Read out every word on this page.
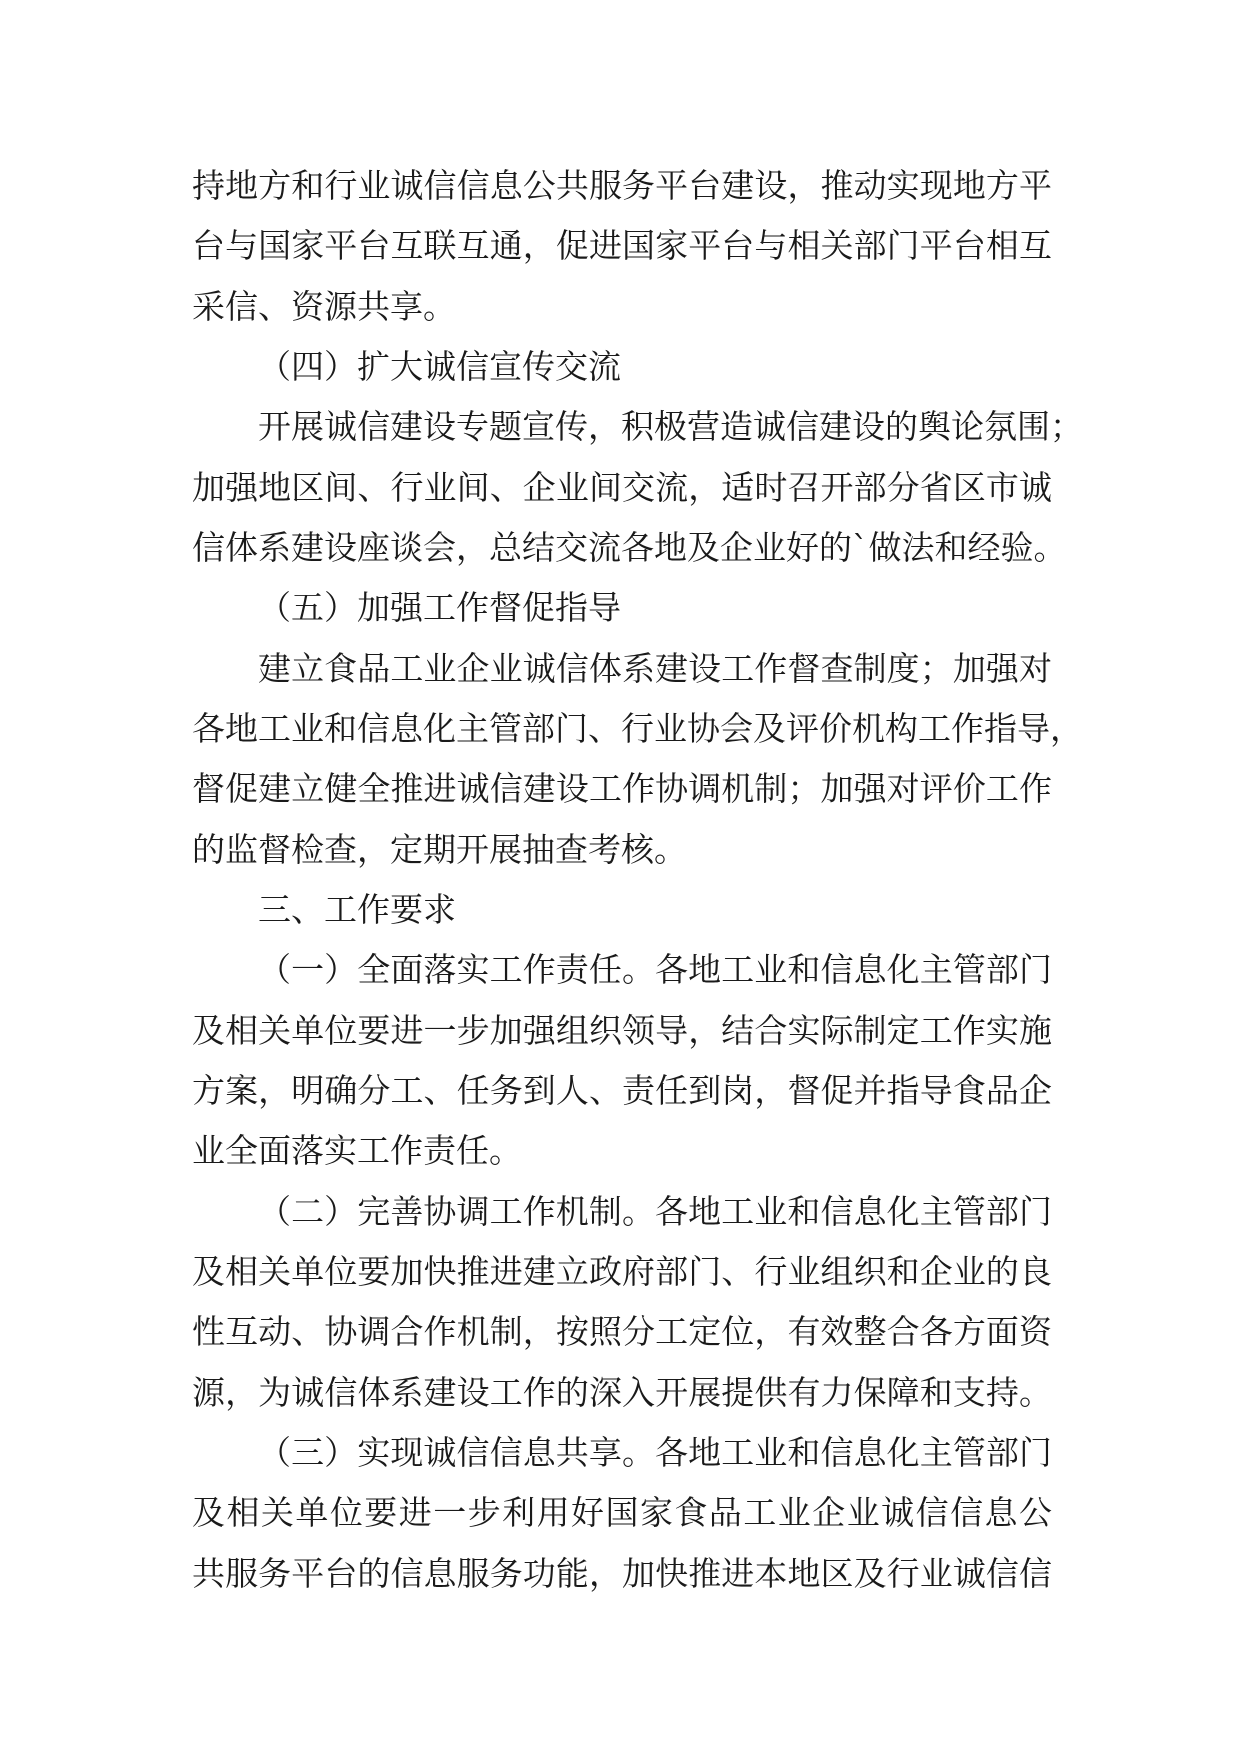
持地方和行业诚信信息公共服务平台建设，推动实现地方平
台与国家平台互联互通，促进国家平台与相关部门平台相互
采信、资源共享。
（四）扩大诚信宣传交流
开展诚信建设专题宣传，积极营造诚信建设的舆论氛围；
加强地区间、行业间、企业间交流，适时召开部分省区市诚
信体系建设座谈会，总结交流各地及企业好的`做法和经验。
（五）加强工作督促指导
建立食品工业企业诚信体系建设工作督查制度；加强对
各地工业和信息化主管部门、行业协会及评价机构工作指导，
督促建立健全推进诚信建设工作协调机制；加强对评价工作
的监督检查，定期开展抽查考核。
三、工作要求
（一）全面落实工作责任。各地工业和信息化主管部门
及相关单位要进一步加强组织领导，结合实际制定工作实施
方案，明确分工、任务到人、责任到岗，督促并指导食品企
业全面落实工作责任。
（二）完善协调工作机制。各地工业和信息化主管部门
及相关单位要加快推进建立政府部门、行业组织和企业的良
性互动、协调合作机制，按照分工定位，有效整合各方面资
源，为诚信体系建设工作的深入开展提供有力保障和支持。
（三）实现诚信信息共享。各地工业和信息化主管部门
及相关单位要进一步利用好国家食品工业企业诚信信息公
共服务平台的信息服务功能，加快推进本地区及行业诚信信
